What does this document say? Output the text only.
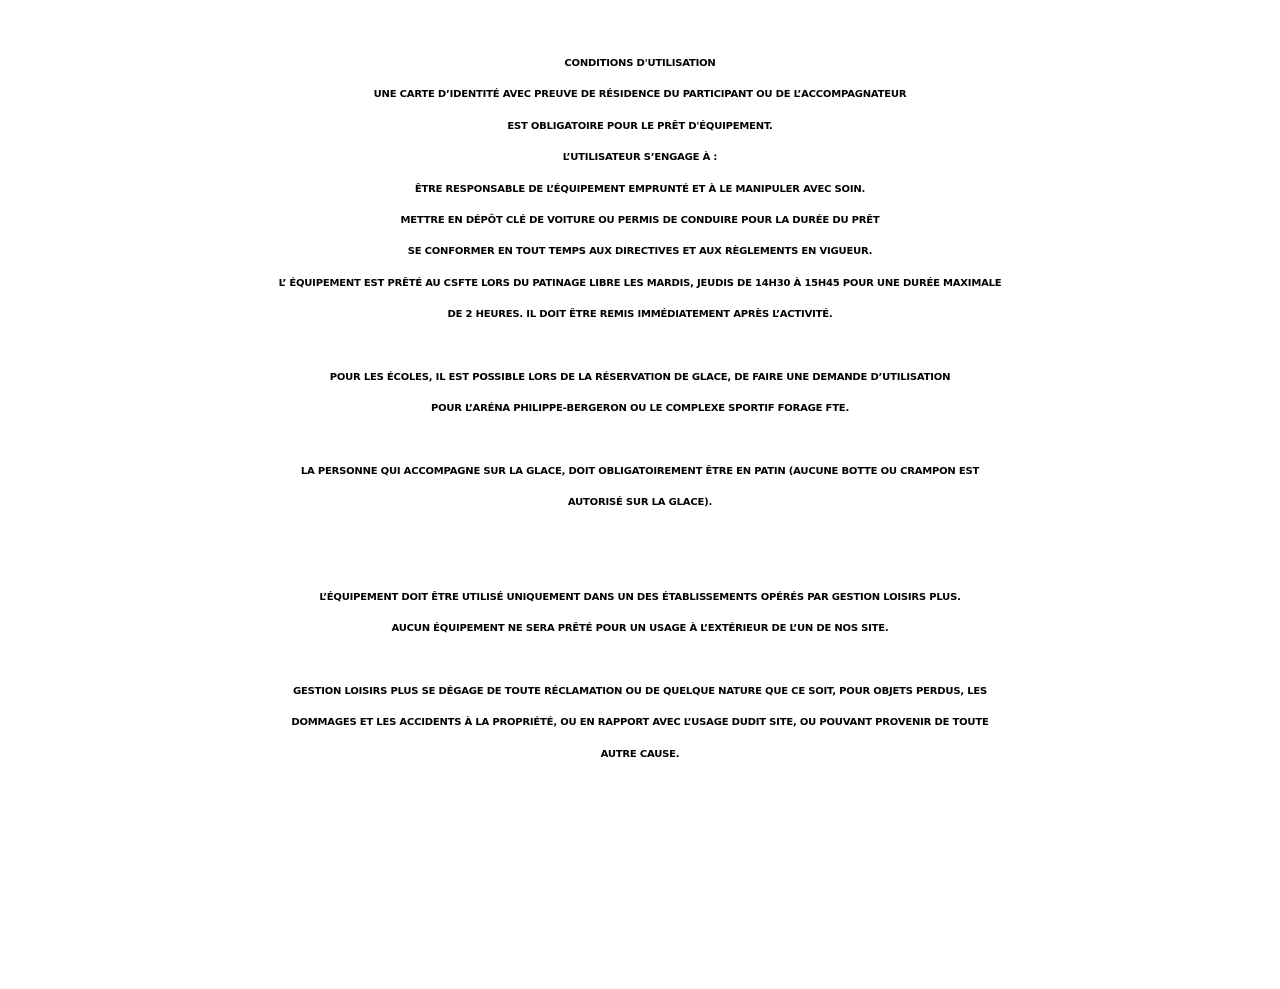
CONDITIONS D'UTILISATION
UNE CARTE D’IDENTITÉ AVEC PREUVE DE RÉSIDENCE DU PARTICIPANT OU DE L’ACCOMPAGNATEUR
EST OBLIGATOIRE POUR LE PRÊT D'ÉQUIPEMENT.
L’UTILISATEUR S’ENGAGE À :
ÊTRE RESPONSABLE DE L’ÉQUIPEMENT EMPRUNTÉ ET À LE MANIPULER AVEC SOIN.
METTRE EN DÉPÔT CLÉ DE VOITURE OU PERMIS DE CONDUIRE POUR LA DURÉE DU PRÊT
SE CONFORMER EN TOUT TEMPS AUX DIRECTIVES ET AUX RÈGLEMENTS EN VIGUEUR.
L’ ÉQUIPEMENT EST PRÊTÉ AU CSFTE LORS DU PATINAGE LIBRE LES MARDIS, JEUDIS DE 14H30 À 15H45 POUR UNE DURÉE MAXIMALE
DE 2 HEURES. IL DOIT ÊTRE REMIS IMMÉDIATEMENT APRÈS L’ACTIVITÉ.
POUR LES ÉCOLES, IL EST POSSIBLE LORS DE LA RÉSERVATION DE GLACE, DE FAIRE UNE DEMANDE D’UTILISATION
POUR L’ARÉNA PHILIPPE-BERGERON OU LE COMPLEXE SPORTIF FORAGE FTE.
LA PERSONNE QUI ACCOMPAGNE SUR LA GLACE, DOIT OBLIGATOIREMENT ÊTRE EN PATIN (AUCUNE BOTTE OU CRAMPON EST
AUTORISÉ SUR LA GLACE).
L’ÉQUIPEMENT DOIT ÊTRE UTILISÉ UNIQUEMENT DANS UN DES ÉTABLISSEMENTS OPÉRÉS PAR GESTION LOISIRS PLUS.
AUCUN ÉQUIPEMENT NE SERA PRÊTÉ POUR UN USAGE À L’EXTÉRIEUR DE L’UN DE NOS SITE.
GESTION LOISIRS PLUS SE DÉGAGE DE TOUTE RÉCLAMATION OU DE QUELQUE NATURE QUE CE SOIT, POUR OBJETS PERDUS, LES
DOMMAGES ET LES ACCIDENTS À LA PROPRIÉTÉ, OU EN RAPPORT AVEC L’USAGE DUDIT SITE, OU POUVANT PROVENIR DE TOUTE
AUTRE CAUSE.
